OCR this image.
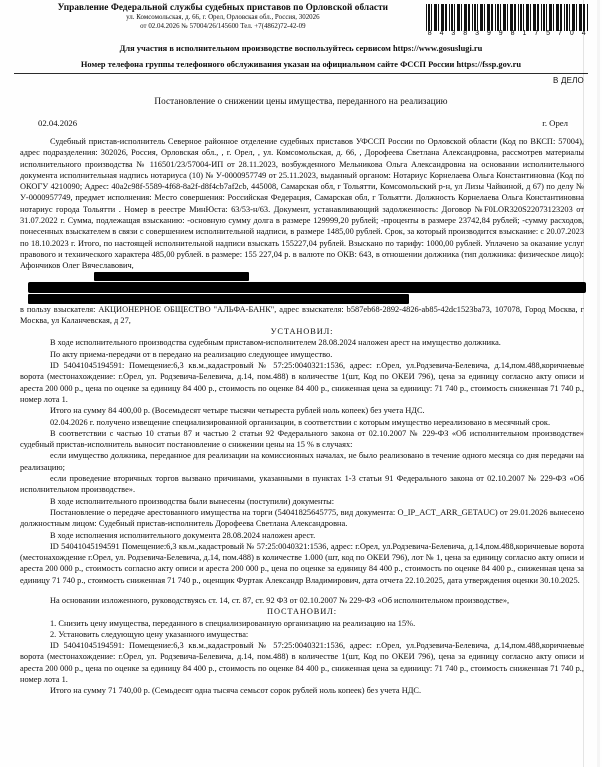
Управление Федеральной службы судебных приставов по Орловской области
ул. Комсомольская, д. 66, г. Орел, Орловская обл., Россия, 302026
от 02.04.2026 № 57004/26/145600 Тел. +7(4862)72-42-09
8 4 3 8 3 9 9 8 1 7 5 7 0 4
Для участия в исполнительном производстве воспользуйтесь сервисом https://www.gosuslugi.ru
Номер телефона группы телефонного обслуживания указан на официальном сайте ФССП России https://fssp.gov.ru
В ДЕЛО
Постановление о снижении цены имущества, переданного на реализацию
02.04.2026	г. Орел

Судебный пристав-исполнитель Северное районное отделение судебных приставов УФССП России по Орловской области (Код по ВКСП: 57004), адрес подразделения: 302026, Россия, Орловская обл., , г. Орел, , ул. Комсомольская, д. 66, , Дорофеева Светлана Александровна, рассмотрев материалы исполнительного производства № 116501/23/57004-ИП от 28.11.2023, возбужденного Мельникова Ольга Александровна на основании исполнительного документа исполнительная надпись нотариуса (10) № У-0000957749 от 25.11.2023, выданный органом: Нотариус Корнелаева Ольга Константиновна (Код по ОКОГУ 4210090; Адрес: 40a2c98f-5589-4f68-8a2f-d8f4cb7af2cb, 445008, Самарская обл, г Тольятти, Комсомольский р-н, ул Лизы Чайкиной, д 67) по делу № У-0000957749, предмет исполнения: Место совершения: Российская Федерация, Самарская обл, г Тольятти. Должность Корнелаева Ольга Константиновна нотариус города Тольятти . Номер в реестре МинЮста: 63/53-н/63. Документ, устанавливающий задолженность: Договор №F0LOR320S22073123203 от 31.07.2022 г. Сумма, подлежащая взысканию: -основную сумму долга в размере 129999,20 рублей; -проценты в размере 23742,84 рублей; -сумму расходов, понесенных взыскателем в связи с совершением исполнительной надписи, в размере 1485,00 рублей. Срок, за который производится взыскание: с 20.07.2023 по 18.10.2023 г. Итого, по настоящей исполнительной надписи взыскать 155227,04 рублей. Взыскано по тарифу: 1000,00 рублей. Уплачено за оказание услуг правового и технического характера 485,00 рублей. в размере: 155 227,04 р. в валюте по ОКВ: 643, в отношении должника (тип должника: физическое лицо): Афончиков Олег Вячеславович,

в пользу взыскателя: АКЦИОНЕРНОЕ ОБЩЕСТВО "АЛЬФА-БАНК", адрес взыскателя: b587eb68-2892-4826-ab85-42dc1523ba73, 107078, Город Москва, г Москва, ул Каланчевская, д 27,

УСТАНОВИЛ:

В ходе исполнительного производства судебным приставом-исполнителем 28.08.2024 наложен арест на имущество должника.

По акту приема-передачи от в передано на реализацию следующее имущество.

ID 54041045194591: Помещение:6,3 кв.м.,кадастровый № 57:25:0040321:1536, адрес: г.Орел, ул.Родзевича-Белевича, д.14,пом.488,коричневые ворота (местонахождение: г.Орел, ул. Родзевича-Белевича, д.14, пом.488) в количестве 1(шт, Код по ОКЕИ 796), цена за единицу согласно акту описи и ареста 200 000 р., цена по оценке за единицу 84 400 р., стоимость по оценке 84 400 р., сниженная цена за единицу: 71 740 р., стоимость сниженная 71 740 р., номер лота 1.

Итого на сумму 84 400,00 р. (Восемьдесят четыре тысячи четыреста рублей ноль копеек) без учета НДС.

02.04.2026 г. получено извещение специализированной организации, в соответствии с которым имущество нереализовано в месячный срок.

В соответствии с частью 10 статьи 87 и частью 2 статьи 92 Федерального закона от 02.10.2007 № 229-ФЗ «Об исполнительном производстве» судебный пристав-исполнитель выносит постановление о снижении цены на 15 % в случаях:

если имущество должника, переданное для реализации на комиссионных началах, не было реализовано в течение одного месяца со дня передачи на реализацию;

если проведение вторичных торгов вызвано причинами, указанными в пунктах 1-3 статьи 91 Федерального закона от 02.10.2007 № 229-ФЗ «Об исполнительном производстве».

В ходе исполнительного производства были вынесены (поступили) документы:

Постановление о передаче арестованного имущества на торги (54041825645775, вид документа: O_IP_ACT_ARR_GETAUC) от 29.01.2026 вынесено должностным лицом: Судебный пристав-исполнитель Дорофеева Светлана Александровна.

В ходе исполнения исполнительного документа 28.08.2024 наложен арест.

ID 54041045194591 Помещение:6,3 кв.м.,кадастровый № 57:25:0040321:1536, адрес: г.Орел, ул.Родзевича-Белевича, д.14,пом.488,коричневые ворота (местонахождение г.Орел, ул. Родзевича-Белевича, д.14, пом.488) в количестве 1.000 (шт, код по ОКЕИ 796), лот № 1, цена за единицу согласно акту описи и ареста 200 000 р., стоимость согласно акту описи и ареста 200 000 р., цена по оценке за единицу 84 400 р., стоимость по оценке 84 400 р., сниженная цена за единицу 71 740 р., стоимость сниженная 71 740 р., оценщик Фуртак Александр Владимирович, дата отчета 22.10.2025, дата утверждения оценки 30.10.2025.

На основании изложенного, руководствуясь ст. 14, ст. 87, ст. 92 ФЗ от 02.10.2007 № 229-ФЗ «Об исполнительном производстве»,

ПОСТАНОВИЛ:

1. Снизить цену имущества, переданного в специализированную организацию на реализацию на 15%.

2. Установить следующую цену указанного имущества:

ID 54041045194591: Помещение:6,3 кв.м.,кадастровый № 57:25:0040321:1536, адрес: г.Орел, ул.Родзевича-Белевича, д.14,пом.488,коричневые ворота (местонахождение: г.Орел, ул. Родзевича-Белевича, д.14, пом.488) в количестве 1(шт, Код по ОКЕИ 796), цена за единицу согласно акту описи и ареста 200 000 р., цена по оценке за единицу 84 400 р., стоимость по оценке 84 400 р., сниженная цена за единицу: 71 740 р., стоимость сниженная 71 740 р., номер лота 1.

Итого на сумму 71 740,00 р. (Семьдесят одна тысяча семьсот сорок рублей ноль копеек) без учета НДС.
